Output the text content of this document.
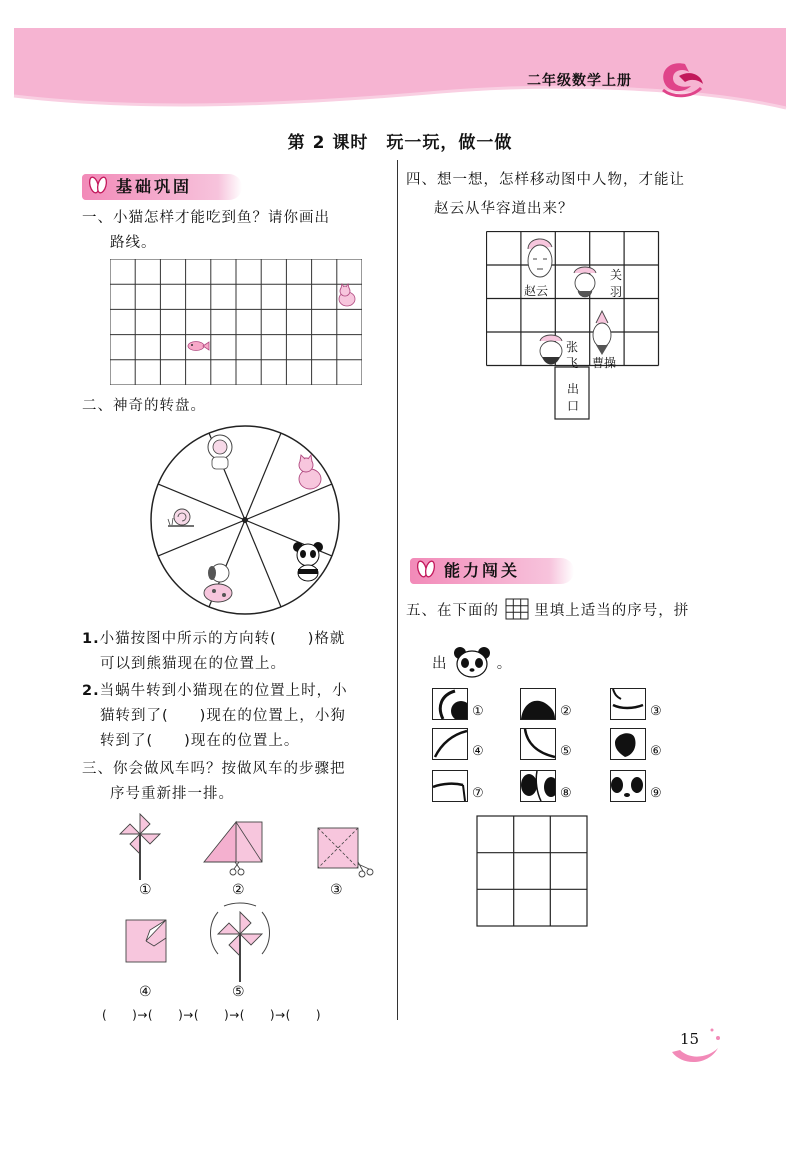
二年级数学上册
第 2 课时　玩一玩，做一做
基础巩固
一、小猫怎样才能吃到鱼？请你画出
路线。
二、神奇的转盘。
1.小猫按图中所示的方向转(　　)格就
可以到熊猫现在的位置上。
2.当蜗牛转到小猫现在的位置上时，小
猫转到了(　　)现在的位置上，小狗
转到了(　　)现在的位置上。
三、你会做风车吗？按做风车的步骤把
序号重新排一排。
①	②	③
④	⑤
(　　)→(　　)→(　　)→(　　)→(　　)
四、想一想，怎样移动图中人物，才能让
赵云从华容道出来？
赵云
关
羽
张
飞 曹操
出
口
能力闯关
五、在下面的 里填上适当的序号，拼
出	。
①	②	③
④	⑤	⑥
⑦	⑧	⑨
15
